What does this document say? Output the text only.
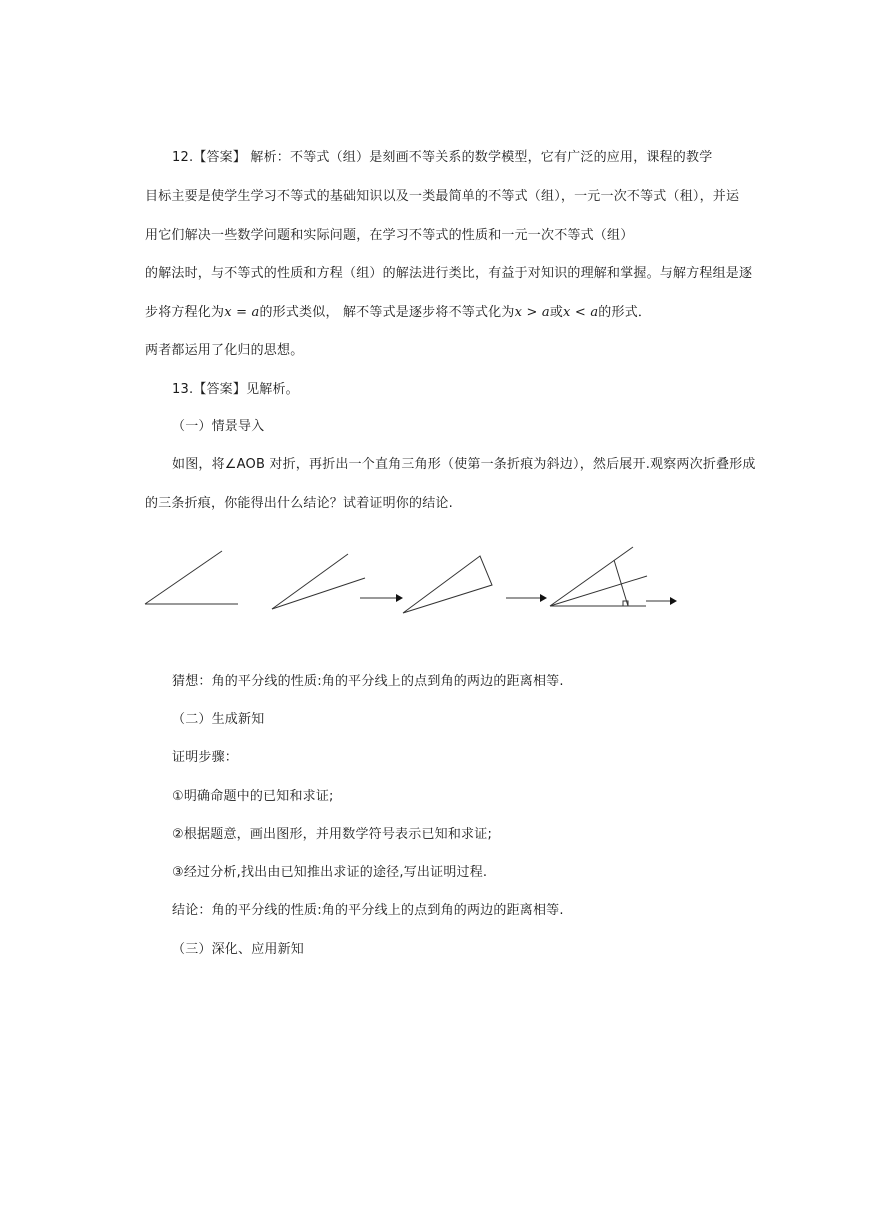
12.【答案】 解析：不等式（组）是刻画不等关系的数学模型，它有广泛的应用，课程的教学
目标主要是使学生学习不等式的基础知识以及一类最简单的不等式（组），一元一次不等式（租），并运
用它们解决一些数学问题和实际问题，在学习不等式的性质和一元一次不等式（组）
的解法时，与不等式的性质和方程（组）的解法进行类比，有益于对知识的理解和掌握。与解方程组是逐
步将方程化为x = a的形式类似， 解不等式是逐步将不等式化为x > a或x < a的形式．
两者都运用了化归的思想。
13.【答案】见解析。
（一）情景导入
如图，将∠AOB 对折，再折出一个直角三角形（使第一条折痕为斜边），然后展开.观察两次折叠形成
的三条折痕，你能得出什么结论？试着证明你的结论.
猜想：角的平分线的性质:角的平分线上的点到角的两边的距离相等.
（二）生成新知
证明步骤：
①明确命题中的已知和求证;
②根据题意，画出图形，并用数学符号表示已知和求证;
③经过分析,找出由已知推出求证的途径,写出证明过程.
结论：角的平分线的性质:角的平分线上的点到角的两边的距离相等.
（三）深化、应用新知
